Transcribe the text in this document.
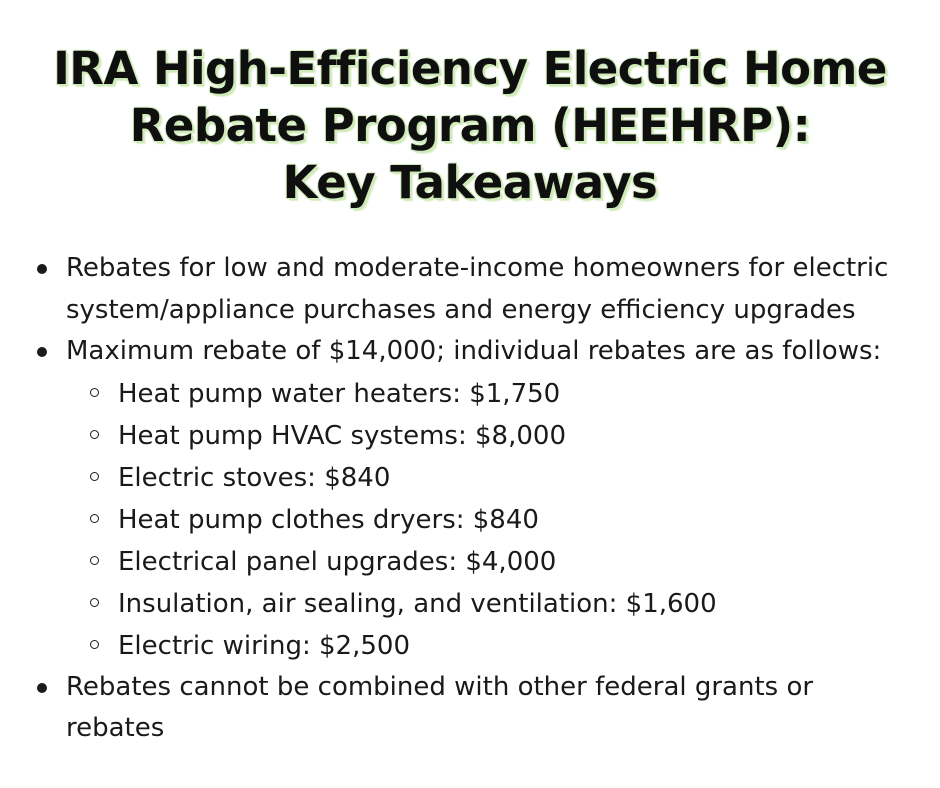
IRA High-Efficiency Electric Home
Rebate Program (HEEHRP):
Key Takeaways
Rebates for low and moderate-income homeowners for electric
system/appliance purchases and energy efficiency upgrades
Maximum rebate of $14,000; individual rebates are as follows:
Heat pump water heaters: $1,750
Heat pump HVAC systems: $8,000
Electric stoves: $840
Heat pump clothes dryers: $840
Electrical panel upgrades: $4,000
Insulation, air sealing, and ventilation: $1,600
Electric wiring: $2,500
Rebates cannot be combined with other federal grants or
rebates
